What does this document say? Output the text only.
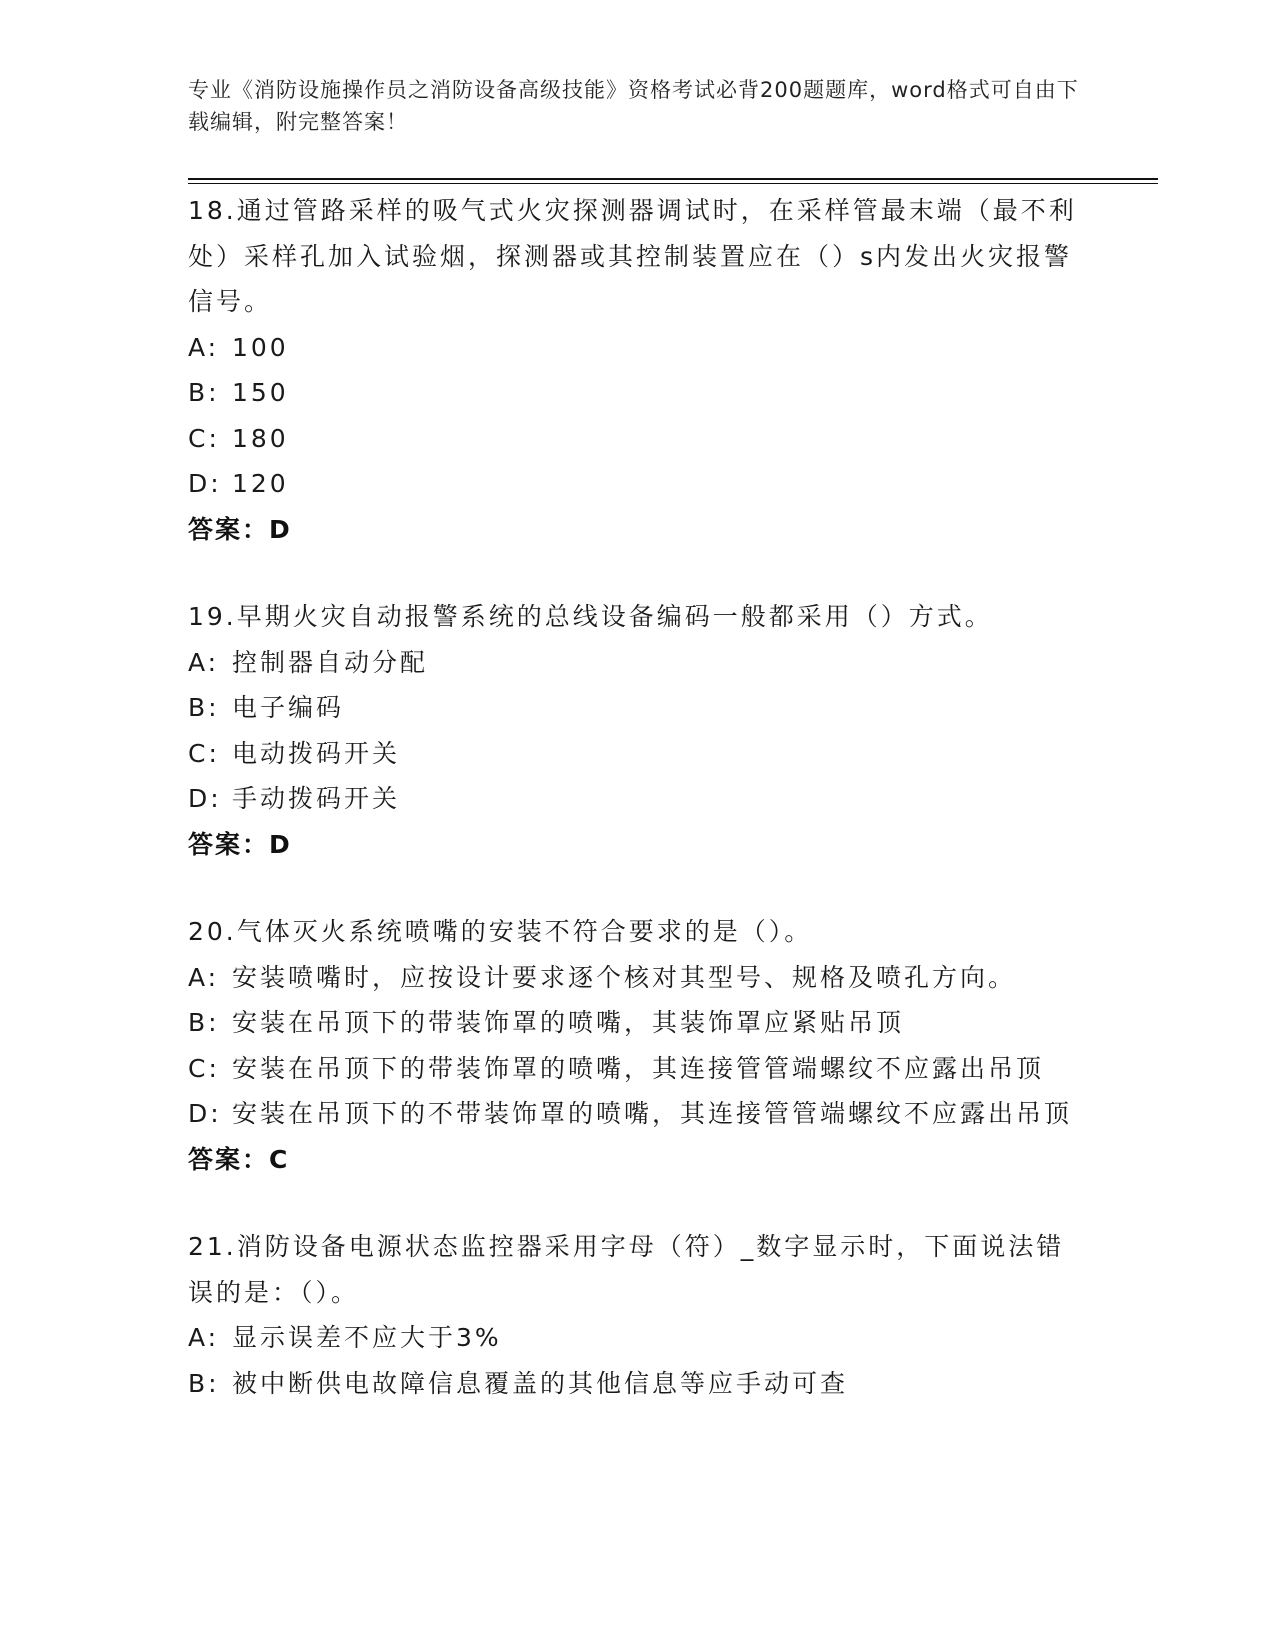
专业《消防设施操作员之消防设备高级技能》资格考试必背200题题库，word格式可自由下载编辑，附完整答案！
18.通过管路采样的吸气式火灾探测器调试时，在采样管最末端（最不利处）采样孔加入试验烟，探测器或其控制装置应在（）s内发出火灾报警信号。
A: 100
B: 150
C: 180
D: 120
答案：D
19.早期火灾自动报警系统的总线设备编码一般都采用（）方式。
A: 控制器自动分配
B: 电子编码
C: 电动拨码开关
D: 手动拨码开关
答案：D
20.气体灭火系统喷嘴的安装不符合要求的是（）。
A: 安装喷嘴时，应按设计要求逐个核对其型号、规格及喷孔方向。
B: 安装在吊顶下的带装饰罩的喷嘴，其装饰罩应紧贴吊顶
C: 安装在吊顶下的带装饰罩的喷嘴，其连接管管端螺纹不应露出吊顶
D: 安装在吊顶下的不带装饰罩的喷嘴，其连接管管端螺纹不应露出吊顶
答案：C
21.消防设备电源状态监控器采用字母（符）_数字显示时，下面说法错误的是：（）。
A: 显示误差不应大于3%
B: 被中断供电故障信息覆盖的其他信息等应手动可查
